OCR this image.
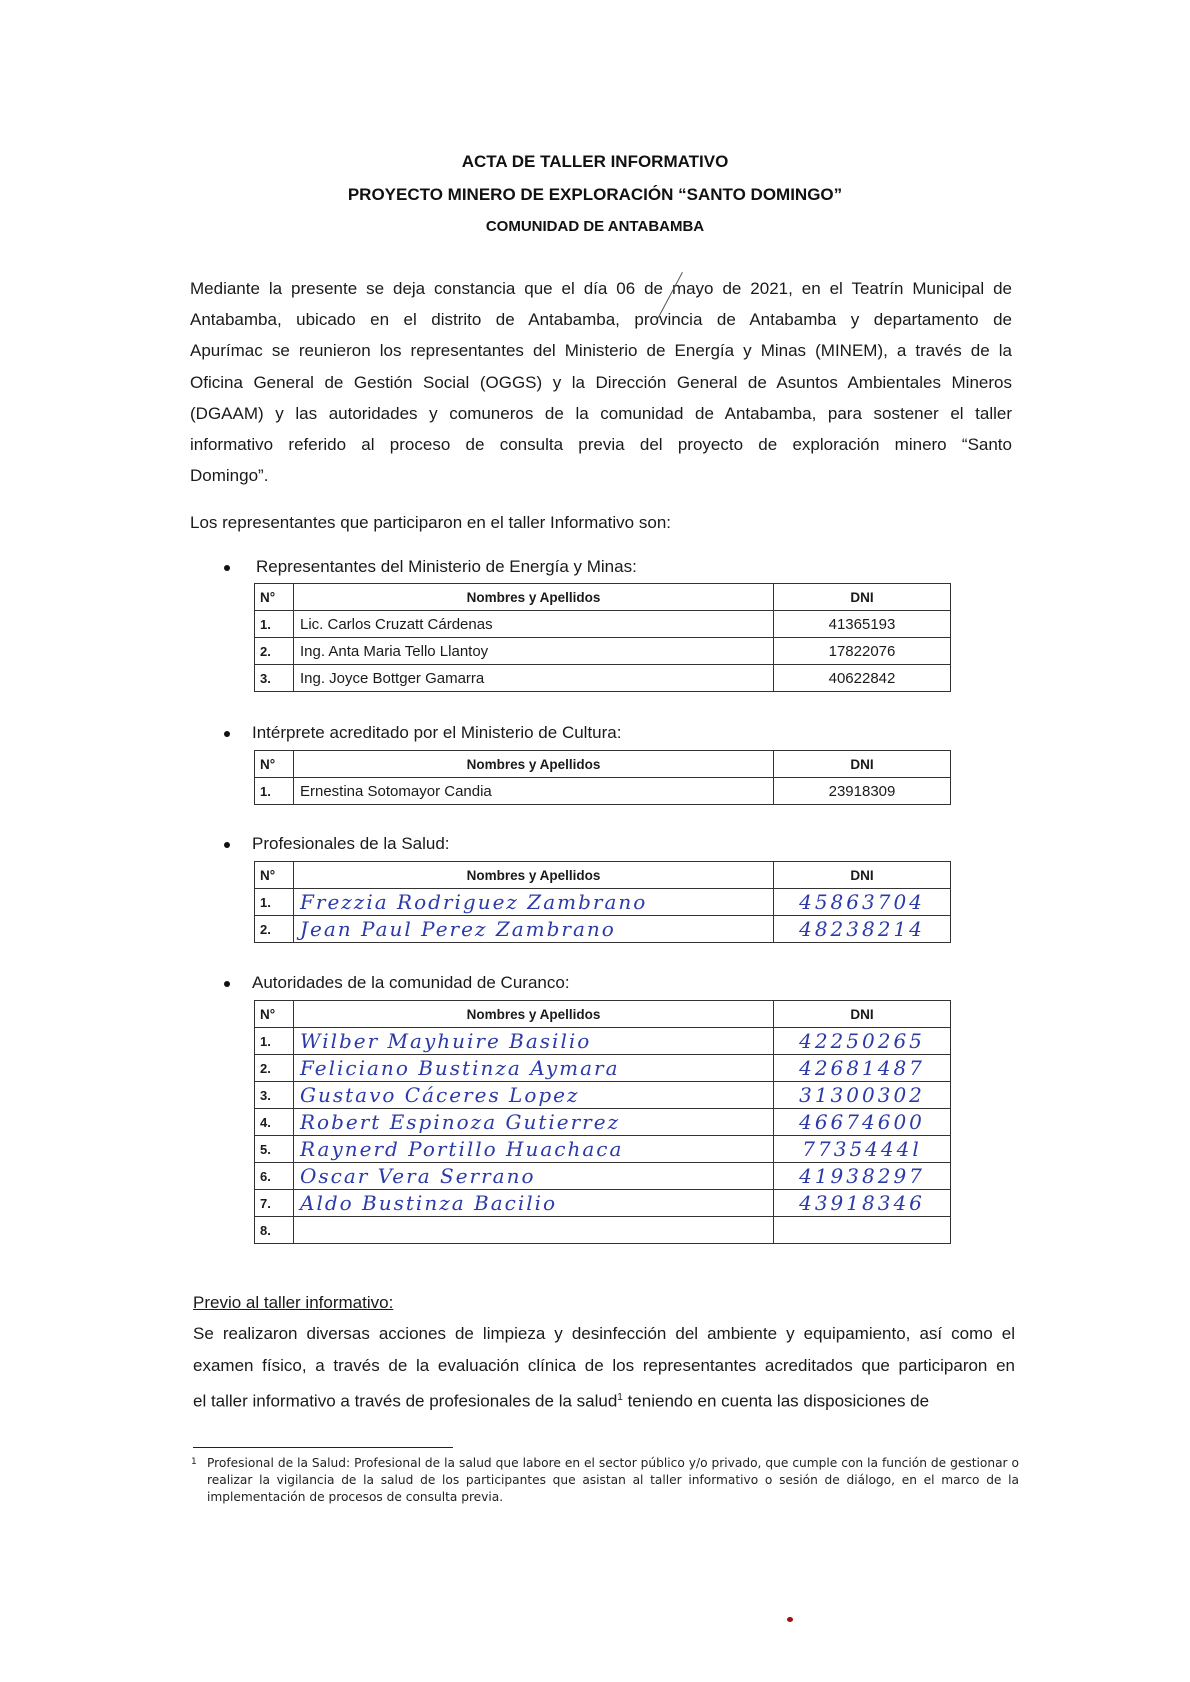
ACTA DE TALLER INFORMATIVO
PROYECTO MINERO DE EXPLORACIÓN “SANTO DOMINGO”
COMUNIDAD DE ANTABAMBA
Mediante la presente se deja constancia que el día 06 de mayo de 2021, en el Teatrín Municipal de
Antabamba, ubicado en el distrito de Antabamba, provincia de Antabamba y departamento de
Apurímac se reunieron los representantes del Ministerio de Energía y Minas (MINEM), a través de la
Oficina General de Gestión Social (OGGS) y la Dirección General de Asuntos Ambientales Mineros
(DGAAM) y las autoridades y comuneros de la comunidad de Antabamba, para sostener el taller
informativo referido al proceso de consulta previa del proyecto de exploración minero “Santo
Domingo”.
Los representantes que participaron en el taller Informativo son:
Representantes del Ministerio de Energía y Minas:
N°	Nombres y Apellidos	DNI
1.	Lic. Carlos Cruzatt Cárdenas	41365193
2.	Ing. Anta Maria Tello Llantoy	17822076
3.	Ing. Joyce Bottger Gamarra	40622842
Intérprete acreditado por el Ministerio de Cultura:
N°	Nombres y Apellidos	DNI
1.	Ernestina Sotomayor Candia	23918309
Profesionales de la Salud:
N°	Nombres y Apellidos	DNI
1.	Frezzia Rodriguez Zambrano	45863704
2.	Jean Paul Perez Zambrano	48238214
Autoridades de la comunidad de Curanco:
N°	Nombres y Apellidos	DNI
1.	Wilber Mayhuire Basilio	42250265
2.	Feliciano Bustinza Aymara	42681487
3.	Gustavo Cáceres Lopez	31300302
4.	Robert Espinoza Gutierrez	46674600
5.	Raynerd Portillo Huachaca	7735444l
6.	Oscar Vera Serrano	41938297
7.	Aldo Bustinza Bacilio	43918346
8.		
Previo al taller informativo:
Se realizaron diversas acciones de limpieza y desinfección del ambiente y equipamiento, así como el
examen físico, a través de la evaluación clínica de los representantes acreditados que participaron en
el taller informativo a través de profesionales de la salud$^1$ teniendo en cuenta las disposiciones de
1 Profesional de la Salud: Profesional de la salud que labore en el sector público y/o privado, que cumple con la función de gestionar o realizar la vigilancia de la salud de los participantes que asistan al taller informativo o sesión de diálogo, en el marco de la implementación de procesos de consulta previa.
